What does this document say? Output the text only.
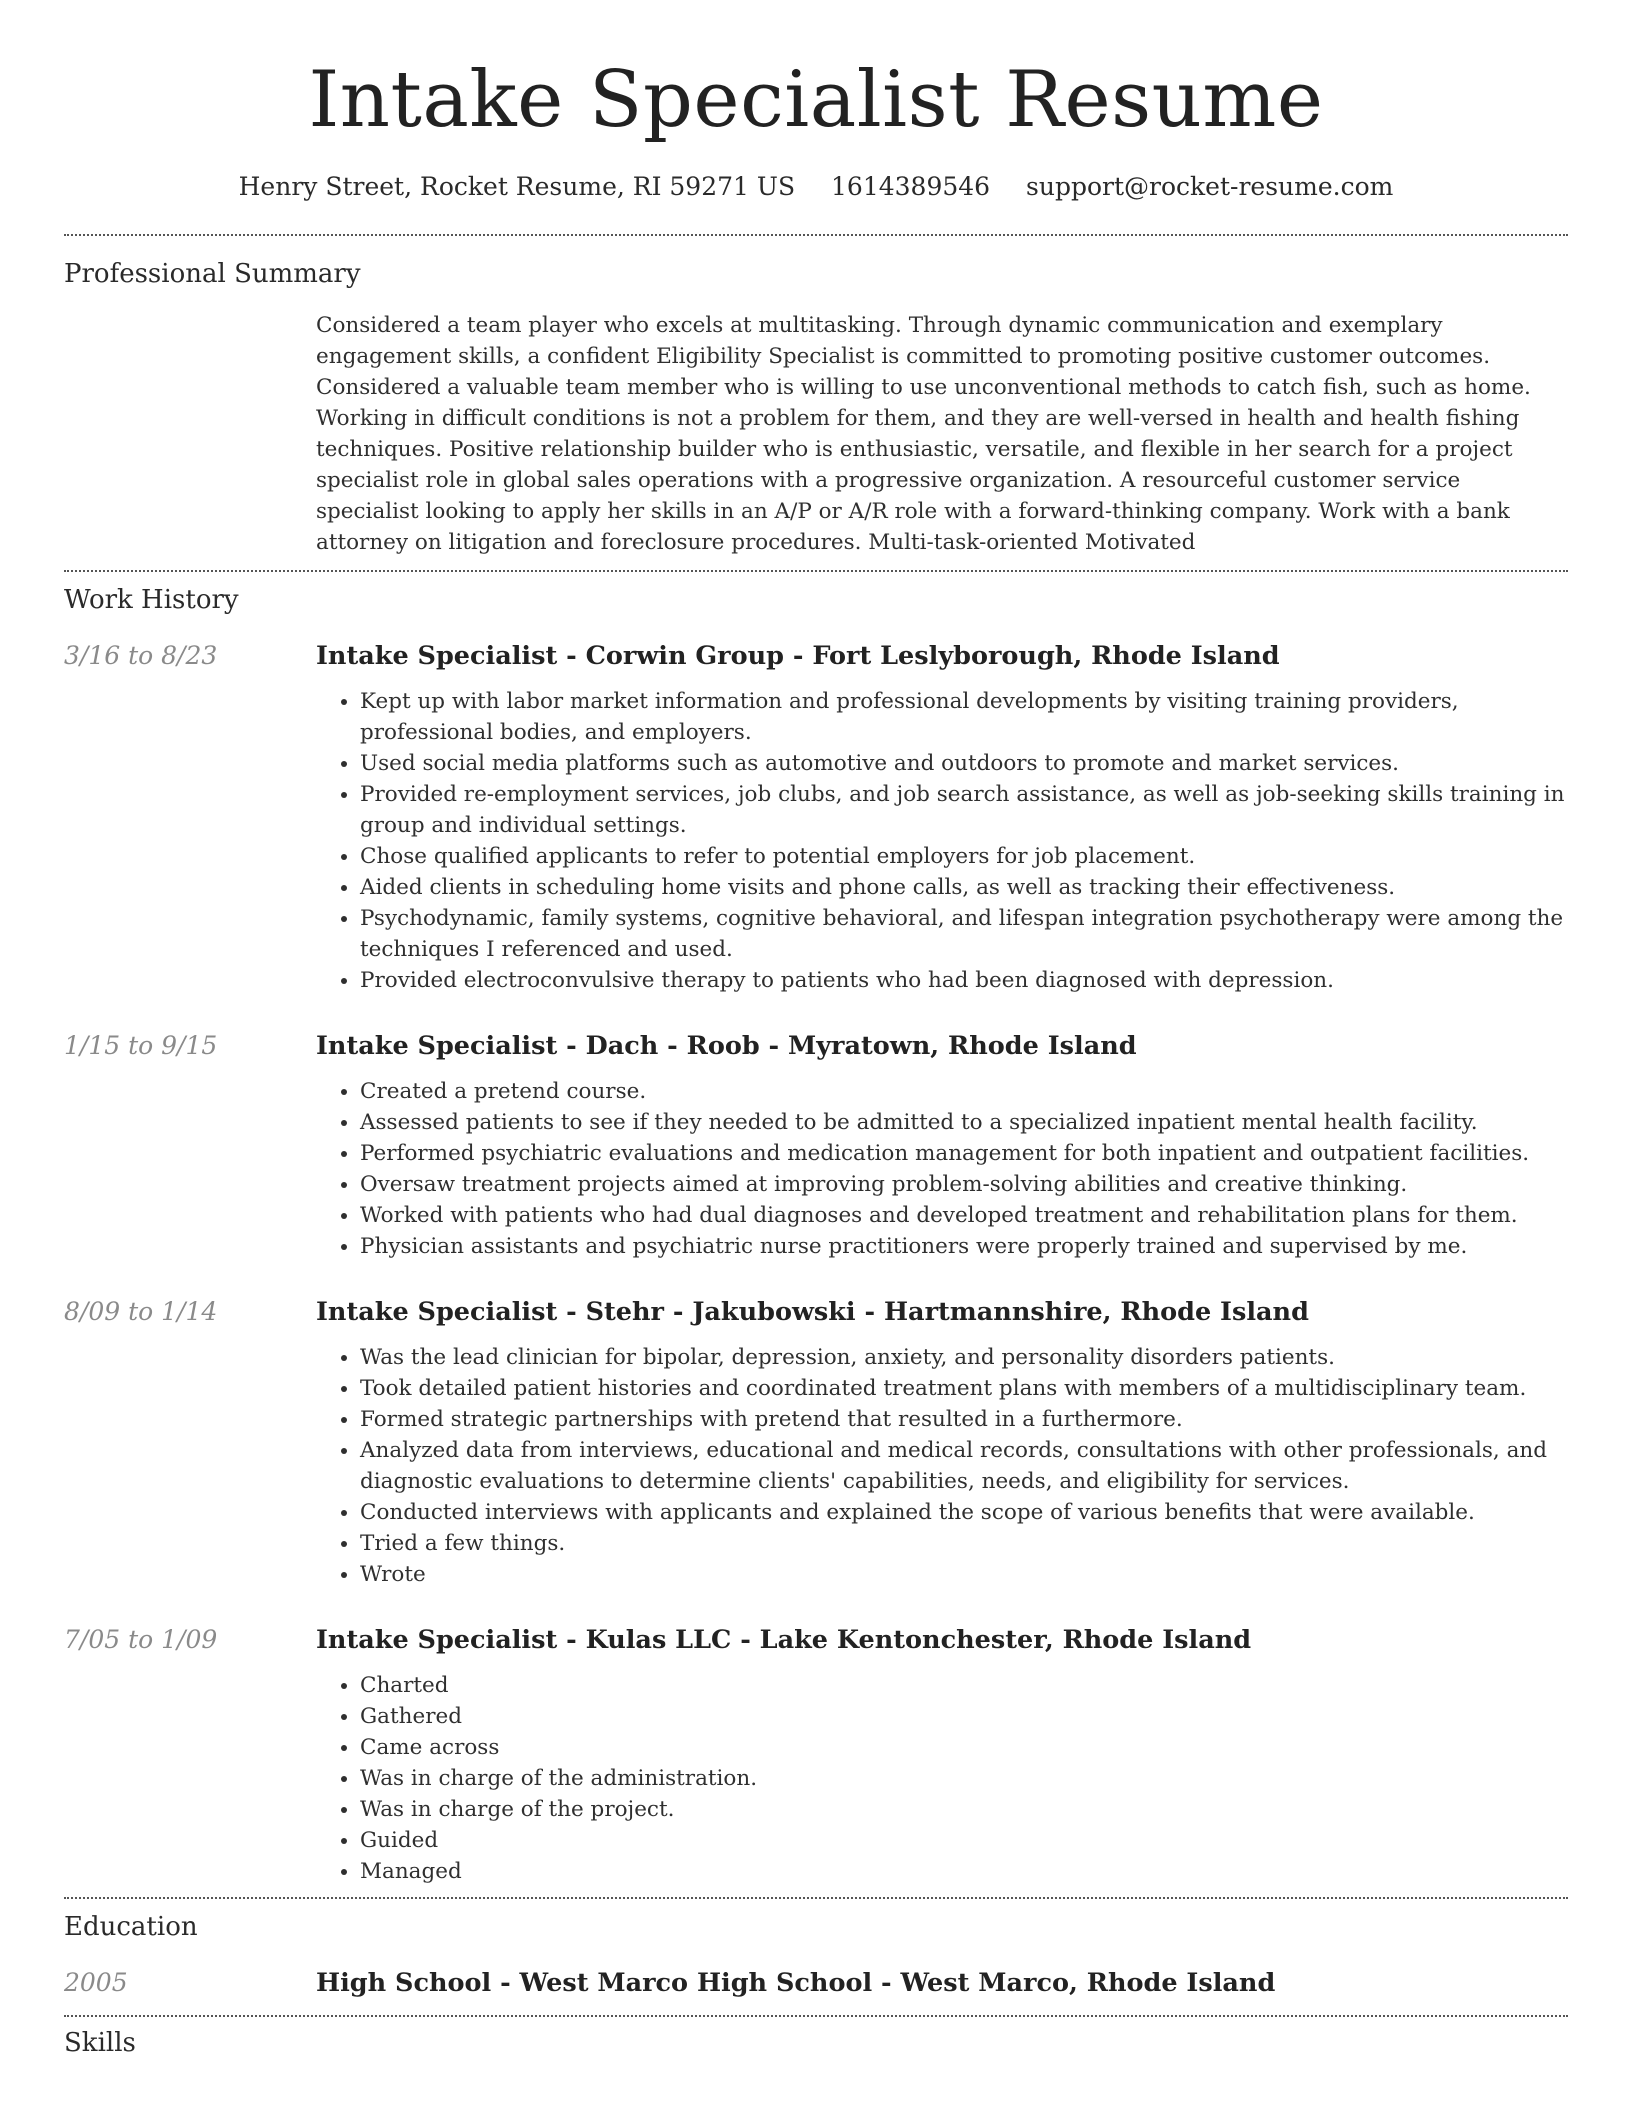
Intake Specialist Resume
Henry Street, Rocket Resume, RI 59271 US 1614389546 support@rocket-resume.com
Professional Summary

Considered a team player who excels at multitasking. Through dynamic communication and exemplary engagement skills, a confident Eligibility Specialist is committed to promoting positive customer outcomes. Considered a valuable team member who is willing to use unconventional methods to catch fish, such as home. Working in difficult conditions is not a problem for them, and they are well-versed in health and health fishing techniques. Positive relationship builder who is enthusiastic, versatile, and flexible in her search for a project specialist role in global sales operations with a progressive organization. A resourceful customer service specialist looking to apply her skills in an A/P or A/R role with a forward-thinking company. Work with a bank attorney on litigation and foreclosure procedures. Multi-task-oriented Motivated

Work History
3/16 to 8/23	Intake Specialist - Corwin Group - Fort Leslyborough, Rhode Island
• Kept up with labor market information and professional developments by visiting training providers, professional bodies, and employers.
• Used social media platforms such as automotive and outdoors to promote and market services.
• Provided re-employment services, job clubs, and job search assistance, as well as job-seeking skills training in group and individual settings.
• Chose qualified applicants to refer to potential employers for job placement.
• Aided clients in scheduling home visits and phone calls, as well as tracking their effectiveness.
• Psychodynamic, family systems, cognitive behavioral, and lifespan integration psychotherapy were among the techniques I referenced and used.
• Provided electroconvulsive therapy to patients who had been diagnosed with depression.
1/15 to 9/15	Intake Specialist - Dach - Roob - Myratown, Rhode Island
• Created a pretend course.
• Assessed patients to see if they needed to be admitted to a specialized inpatient mental health facility.
• Performed psychiatric evaluations and medication management for both inpatient and outpatient facilities.
• Oversaw treatment projects aimed at improving problem-solving abilities and creative thinking.
• Worked with patients who had dual diagnoses and developed treatment and rehabilitation plans for them.
• Physician assistants and psychiatric nurse practitioners were properly trained and supervised by me.
8/09 to 1/14	Intake Specialist - Stehr - Jakubowski - Hartmannshire, Rhode Island
• Was the lead clinician for bipolar, depression, anxiety, and personality disorders patients.
• Took detailed patient histories and coordinated treatment plans with members of a multidisciplinary team.
• Formed strategic partnerships with pretend that resulted in a furthermore.
• Analyzed data from interviews, educational and medical records, consultations with other professionals, and diagnostic evaluations to determine clients' capabilities, needs, and eligibility for services.
• Conducted interviews with applicants and explained the scope of various benefits that were available.
• Tried a few things.
• Wrote
7/05 to 1/09	Intake Specialist - Kulas LLC - Lake Kentonchester, Rhode Island
• Charted
• Gathered
• Came across
• Was in charge of the administration.
• Was in charge of the project.
• Guided
• Managed
Education
2005	High School - West Marco High School - West Marco, Rhode Island
Skills
